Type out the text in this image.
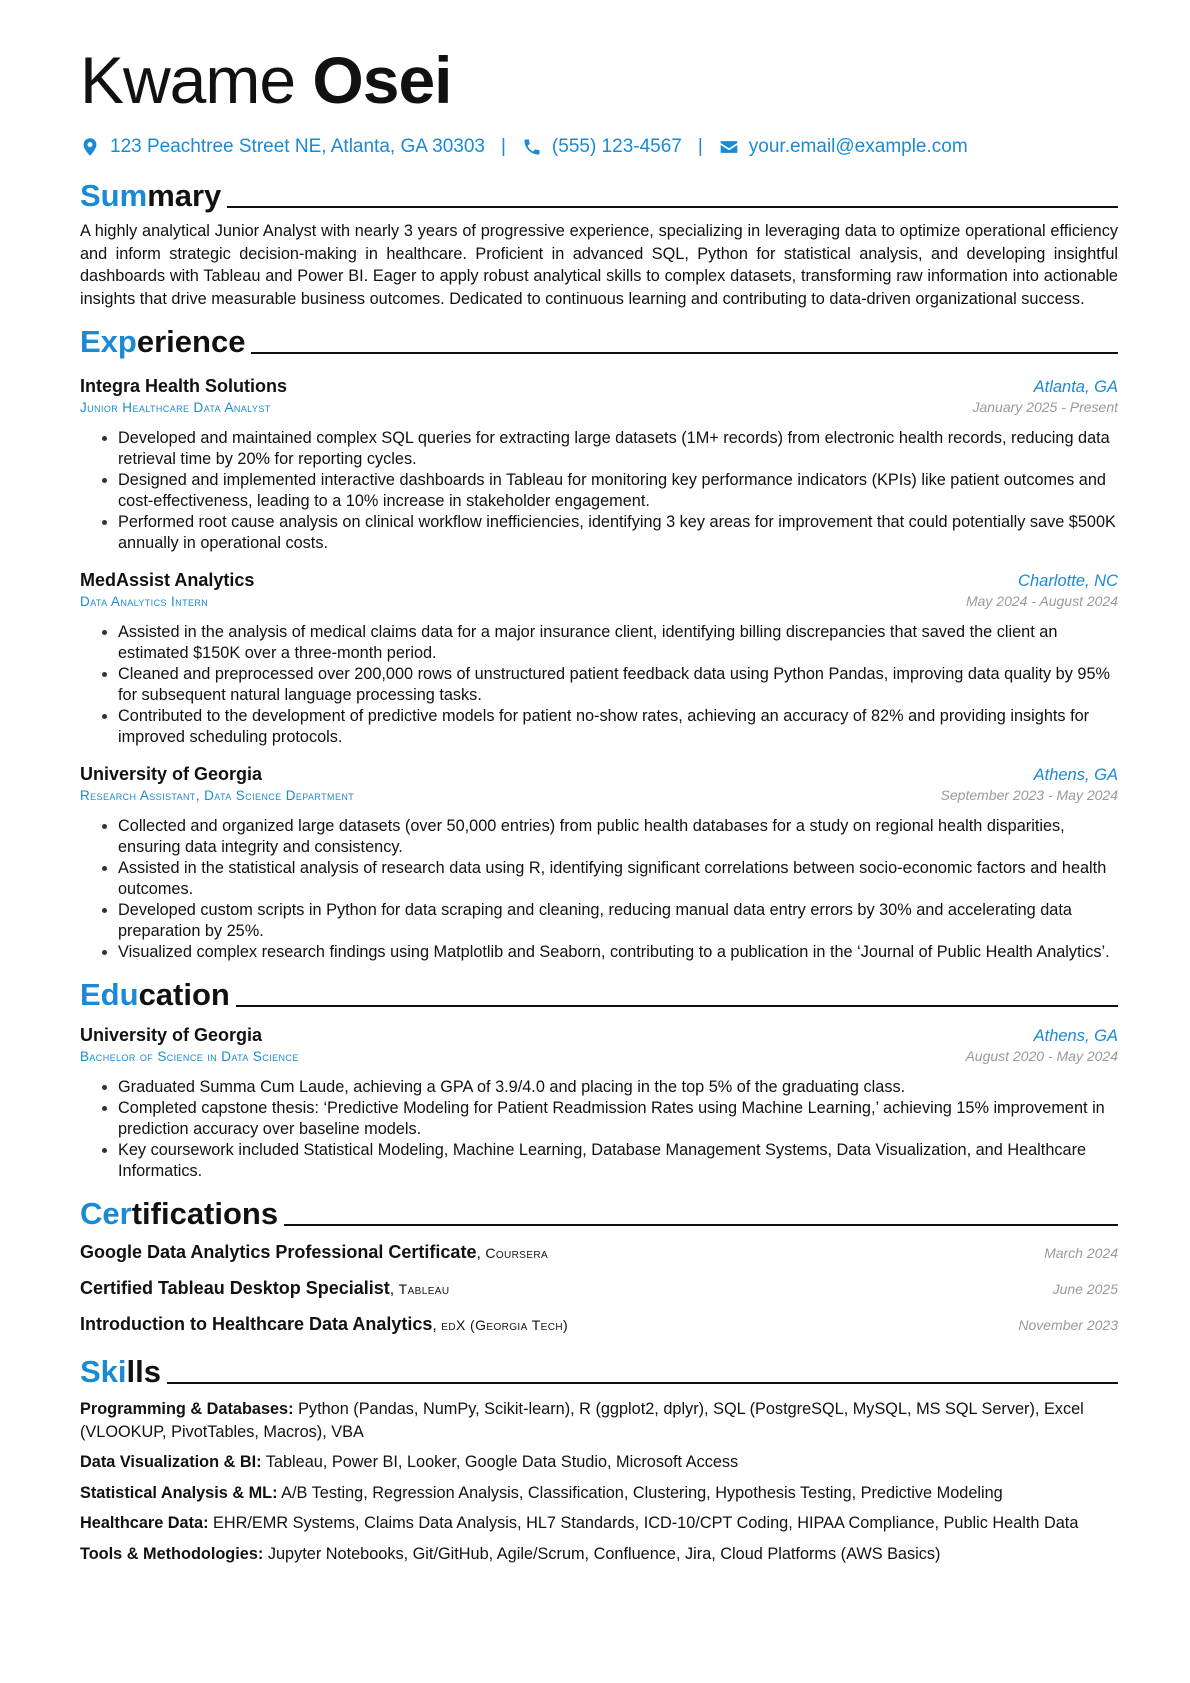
Kwame Osei
123 Peachtree Street NE, Atlanta, GA 30303 | (555) 123-4567 | your.email@example.com
Summary
A highly analytical Junior Analyst with nearly 3 years of progressive experience, specializing in leveraging data to optimize operational efficiency and inform strategic decision-making in healthcare. Proficient in advanced SQL, Python for statistical analysis, and developing insightful dashboards with Tableau and Power BI. Eager to apply robust analytical skills to complex datasets, transforming raw information into actionable insights that drive measurable business outcomes. Dedicated to continuous learning and contributing to data-driven organizational success.
Experience
Integra Health Solutions	Atlanta, GA
Junior Healthcare Data Analyst	January 2025 - Present
• Developed and maintained complex SQL queries for extracting large datasets (1M+ records) from electronic health records, reducing data retrieval time by 20% for reporting cycles.
• Designed and implemented interactive dashboards in Tableau for monitoring key performance indicators (KPIs) like patient outcomes and cost-effectiveness, leading to a 10% increase in stakeholder engagement.
• Performed root cause analysis on clinical workflow inefficiencies, identifying 3 key areas for improvement that could potentially save $500K annually in operational costs.
MedAssist Analytics	Charlotte, NC
Data Analytics Intern	May 2024 - August 2024
• Assisted in the analysis of medical claims data for a major insurance client, identifying billing discrepancies that saved the client an estimated $150K over a three-month period.
• Cleaned and preprocessed over 200,000 rows of unstructured patient feedback data using Python Pandas, improving data quality by 95% for subsequent natural language processing tasks.
• Contributed to the development of predictive models for patient no-show rates, achieving an accuracy of 82% and providing insights for improved scheduling protocols.
University of Georgia	Athens, GA
Research Assistant, Data Science Department	September 2023 - May 2024
• Collected and organized large datasets (over 50,000 entries) from public health databases for a study on regional health disparities, ensuring data integrity and consistency.
• Assisted in the statistical analysis of research data using R, identifying significant correlations between socio-economic factors and health outcomes.
• Developed custom scripts in Python for data scraping and cleaning, reducing manual data entry errors by 30% and accelerating data preparation by 25%.
• Visualized complex research findings using Matplotlib and Seaborn, contributing to a publication in the ‘Journal of Public Health Analytics’.
Education
University of Georgia	Athens, GA
Bachelor of Science in Data Science	August 2020 - May 2024
• Graduated Summa Cum Laude, achieving a GPA of 3.9/4.0 and placing in the top 5% of the graduating class.
• Completed capstone thesis: ‘Predictive Modeling for Patient Readmission Rates using Machine Learning,’ achieving 15% improvement in prediction accuracy over baseline models.
• Key coursework included Statistical Modeling, Machine Learning, Database Management Systems, Data Visualization, and Healthcare Informatics.
Certifications
Google Data Analytics Professional Certificate, Coursera	March 2024
Certified Tableau Desktop Specialist, Tableau	June 2025
Introduction to Healthcare Data Analytics, edX (Georgia Tech)	November 2023
Skills
Programming & Databases: Python (Pandas, NumPy, Scikit-learn), R (ggplot2, dplyr), SQL (PostgreSQL, MySQL, MS SQL Server), Excel (VLOOKUP, PivotTables, Macros), VBA
Data Visualization & BI: Tableau, Power BI, Looker, Google Data Studio, Microsoft Access
Statistical Analysis & ML: A/B Testing, Regression Analysis, Classification, Clustering, Hypothesis Testing, Predictive Modeling
Healthcare Data: EHR/EMR Systems, Claims Data Analysis, HL7 Standards, ICD-10/CPT Coding, HIPAA Compliance, Public Health Data
Tools & Methodologies: Jupyter Notebooks, Git/GitHub, Agile/Scrum, Confluence, Jira, Cloud Platforms (AWS Basics)
